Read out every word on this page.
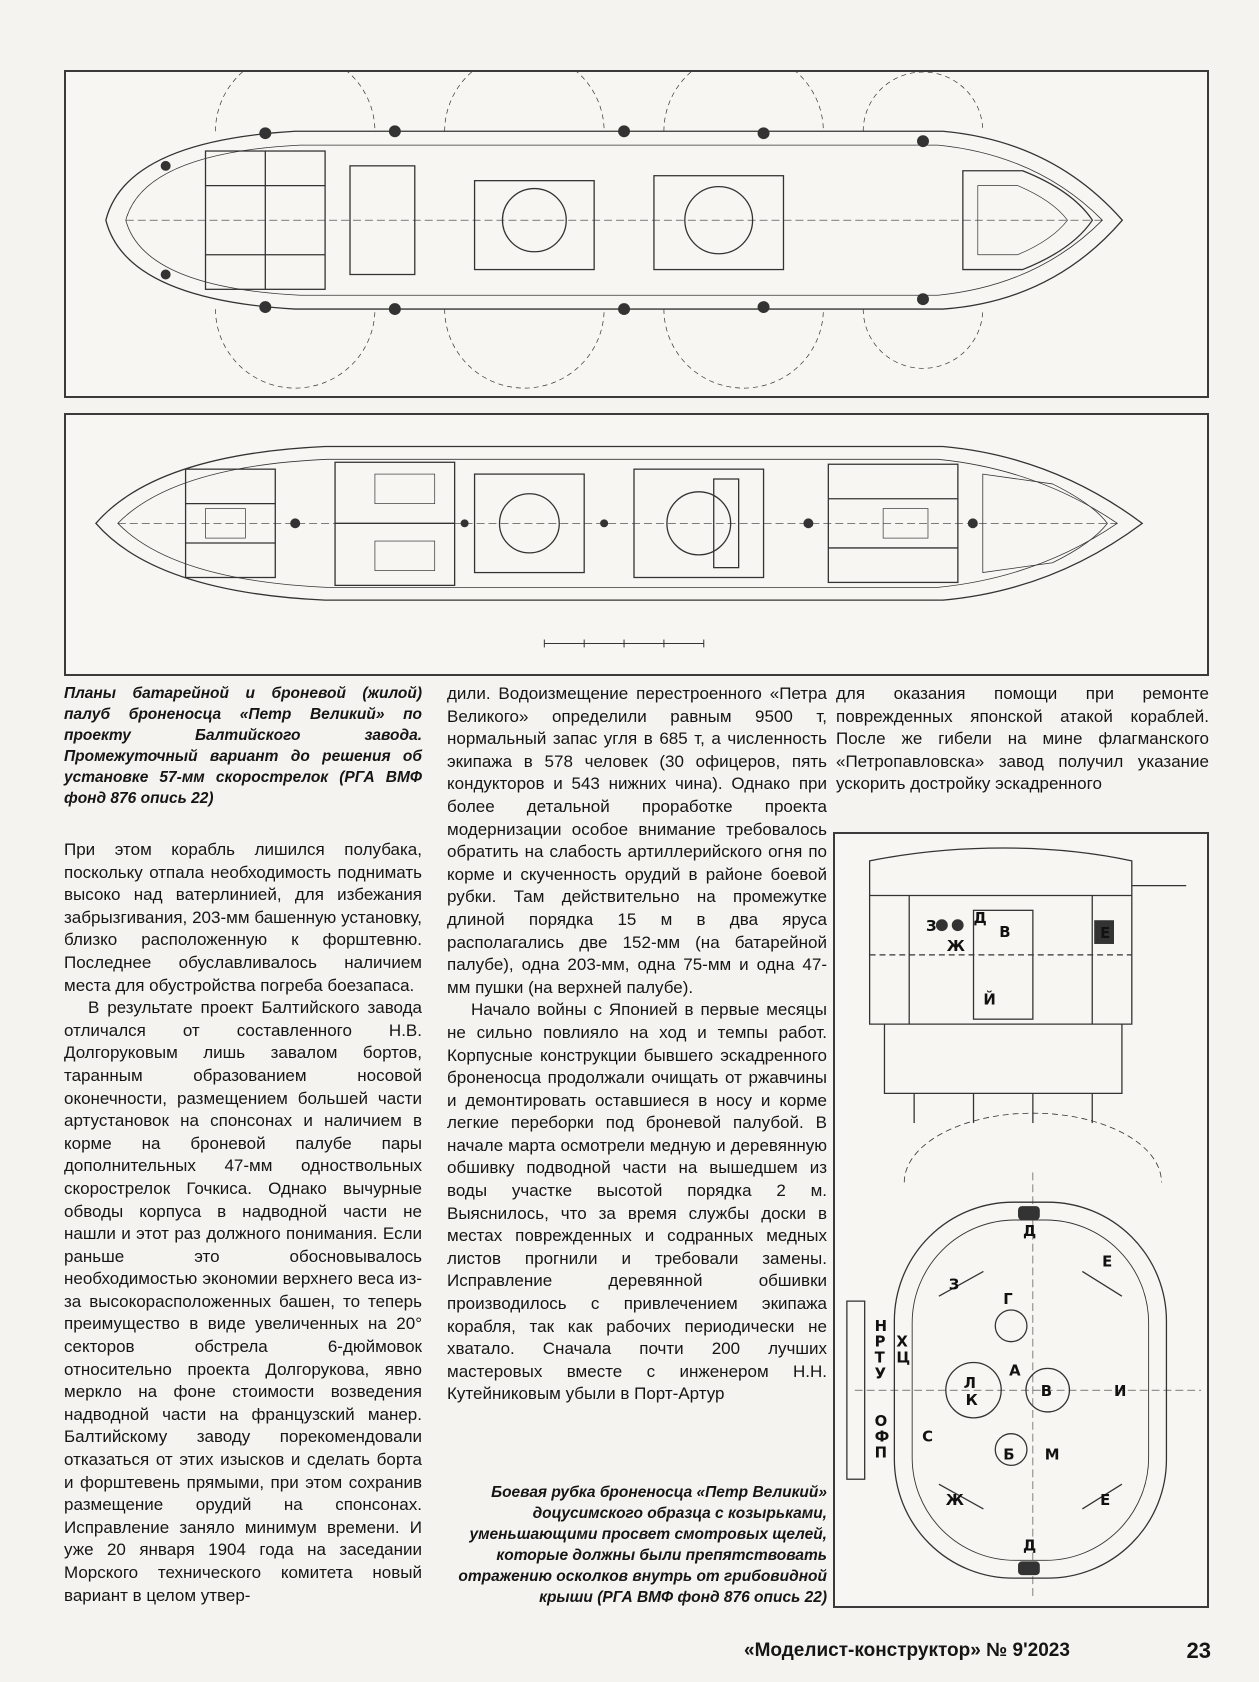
Планы батарейной и броневой (жилой) палуб броненосца «Петр Великий» по проекту Балтийского завода. Промежуточный вариант до решения об установке 57-мм скорострелок (РГА ВМФ фонд 876 опись 22)

При этом корабль лишился полубака, поскольку отпала необходимость поднимать высоко над ватерлинией, для избежания забрызгивания, 203-мм башенную установку, близко расположенную к форштевню. Последнее обуславливалось наличием места для обустройства погреба боезапаса.

В результате проект Балтийского завода отличался от составленного Н.В. Долгоруковым лишь завалом бортов, таранным образованием носовой оконечности, размещением большей части артустановок на спонсонах и наличием в корме на броневой палубе пары дополнительных 47-мм одноствольных скорострелок Гочкиса. Однако вычурные обводы корпуса в надводной части не нашли и этот раз должного понимания. Если раньше это обосновывалось необходимостью экономии верхнего веса из-за высокорасположенных башен, то теперь преимущество в виде увеличенных на 20° секторов обстрела 6-дюймовок относительно проекта Долгорукова, явно меркло на фоне стоимости возведения надводной части на французский манер. Балтийскому заводу порекомендовали отказаться от этих изысков и сделать борта и форштевень прямыми, при этом сохранив размещение орудий на спонсонах. Исправление заняло минимум времени. И уже 20 января 1904 года на заседании Морского технического комитета новый вариант в целом утвер-

дили. Водоизмещение перестроенного «Петра Великого» определили равным 9500 т, нормальный запас угля в 685 т, а численность экипажа в 578 человек (30 офицеров, пять кондукторов и 543 нижних чина). Однако при более детальной проработке проекта модернизации особое внимание требовалось обратить на слабость артиллерийского огня по корме и скученность орудий в районе боевой рубки. Там действительно на промежутке длиной порядка 15 м в два яруса располагались две 152-мм (на батарейной палубе), одна 203-мм, одна 75-мм и одна 47-мм пушки (на верхней палубе).

Начало войны с Японией в первые месяцы не сильно повлияло на ход и темпы работ. Корпусные конструкции бывшего эскадренного броненосца продолжали очищать от ржавчины и демонтировать оставшиеся в носу и корме легкие переборки под броневой палубой. В начале марта осмотрели медную и деревянную обшивку подводной части на вышедшем из воды участке высотой порядка 2 м. Выяснилось, что за время службы доски в местах поврежденных и содранных медных листов прогнили и требовали замены. Исправление деревянной обшивки производилось с привлечением экипажа корабля, так как рабочих периодически не хватало. Сначала почти 200 лучших мастеровых вместе с инженером Н.Н. Кутейниковым убыли в Порт-Артур

Боевая рубка броненосца «Петр Великий» доцусимского образца с козырьками, уменьшающими просвет смотровых щелей, которые должны были препятствовать отражению осколков внутрь от грибовидной крыши (РГА ВМФ фонд 876 опись 22)

для оказания помощи при ремонте поврежденных японской атакой кораблей. После же гибели на мине флагманского «Петропавловска» завод получил указание ускорить достройку эскадренного

З
Ж
Д
В	Е
Й
Д
Е
З
Г
Н
Р
Т
У
Х
Ц
Л
К
А
В	И
О
Ф
П
С
Б М
Ж	Е
Д
«Моделист-конструктор» № 9'2023	23
